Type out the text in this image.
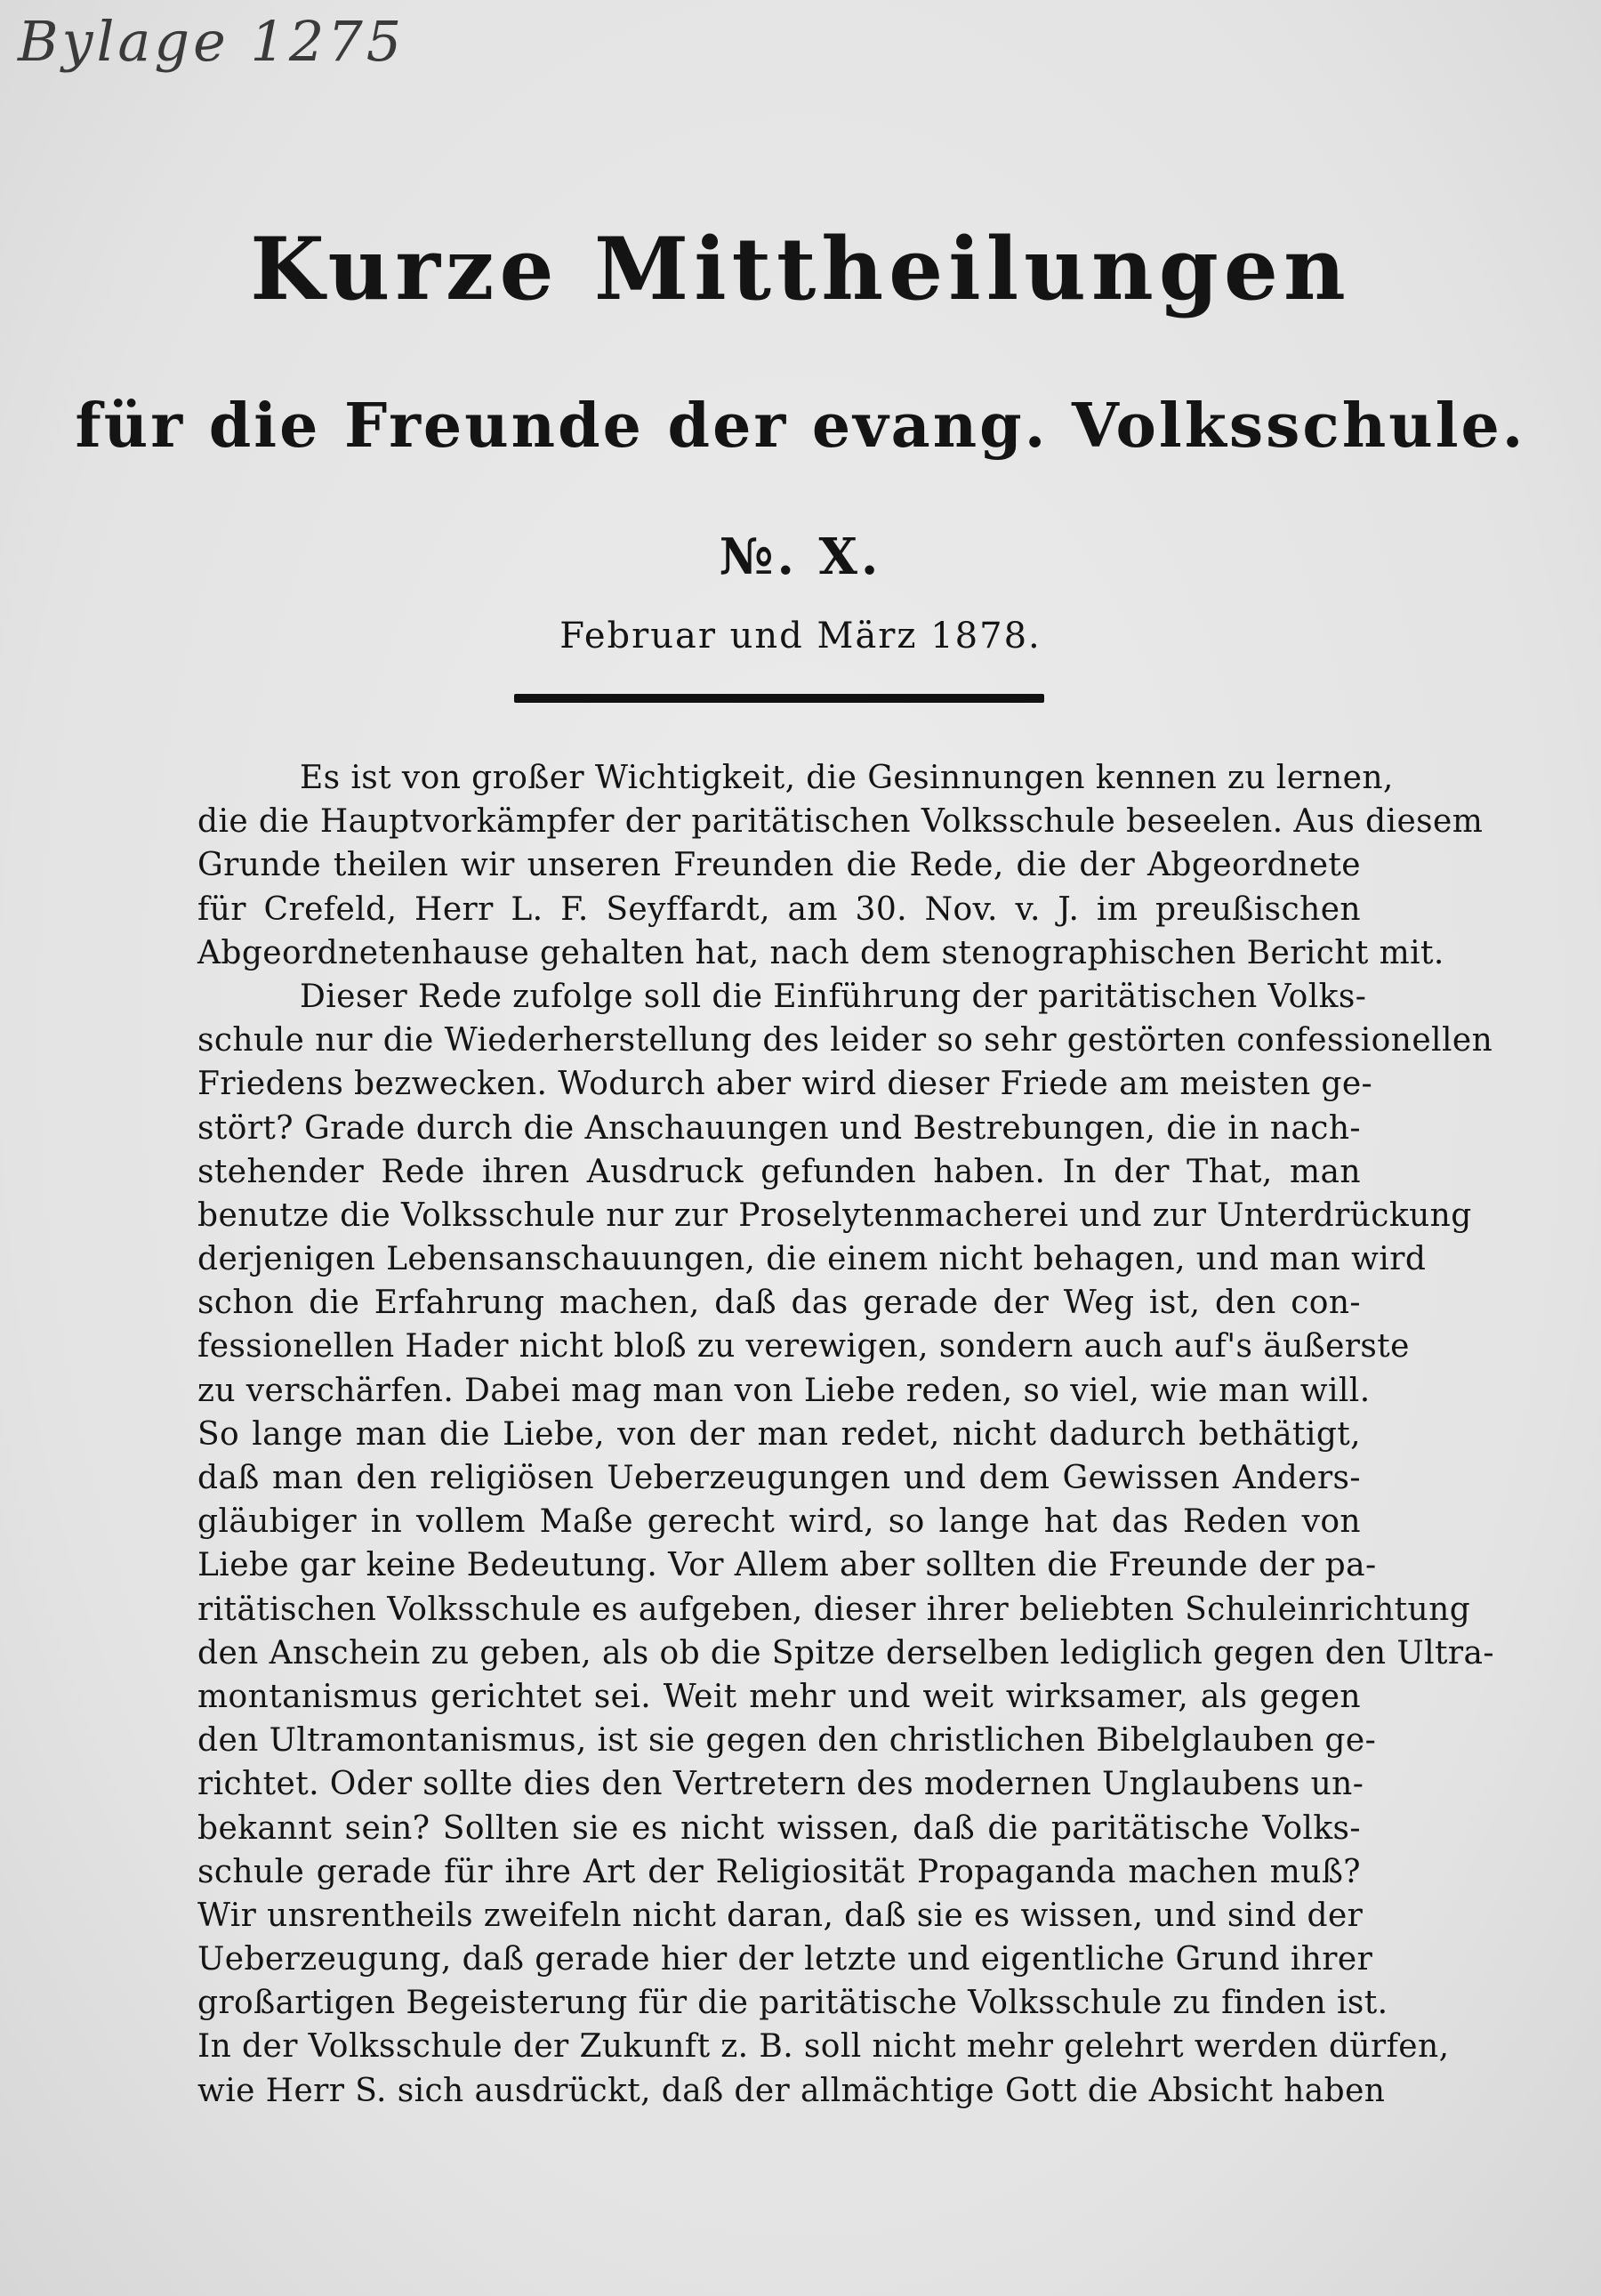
Bylage 1275
Kurze Mittheilungen
für die Freunde der evang. Volksschule.
№. X.
Februar und März 1878.
Es ist von großer Wichtigkeit, die Gesinnungen kennen zu lernen,
die die Hauptvorkämpfer der paritätischen Volksschule beseelen. Aus diesem
Grunde theilen wir unseren Freunden die Rede, die der Abgeordnete
für Crefeld, Herr L. F. Seyffardt, am 30. Nov. v. J. im preußischen
Abgeordnetenhause gehalten hat, nach dem stenographischen Bericht mit.
Dieser Rede zufolge soll die Einführung der paritätischen Volks-
schule nur die Wiederherstellung des leider so sehr gestörten confessionellen
Friedens bezwecken. Wodurch aber wird dieser Friede am meisten ge-
stört? Grade durch die Anschauungen und Bestrebungen, die in nach-
stehender Rede ihren Ausdruck gefunden haben. In der That, man
benutze die Volksschule nur zur Proselytenmacherei und zur Unterdrückung
derjenigen Lebensanschauungen, die einem nicht behagen, und man wird
schon die Erfahrung machen, daß das gerade der Weg ist, den con-
fessionellen Hader nicht bloß zu verewigen, sondern auch auf's äußerste
zu verschärfen. Dabei mag man von Liebe reden, so viel, wie man will.
So lange man die Liebe, von der man redet, nicht dadurch bethätigt,
daß man den religiösen Ueberzeugungen und dem Gewissen Anders-
gläubiger in vollem Maße gerecht wird, so lange hat das Reden von
Liebe gar keine Bedeutung. Vor Allem aber sollten die Freunde der pa-
ritätischen Volksschule es aufgeben, dieser ihrer beliebten Schuleinrichtung
den Anschein zu geben, als ob die Spitze derselben lediglich gegen den Ultra-
montanismus gerichtet sei. Weit mehr und weit wirksamer, als gegen
den Ultramontanismus, ist sie gegen den christlichen Bibelglauben ge-
richtet. Oder sollte dies den Vertretern des modernen Unglaubens un-
bekannt sein? Sollten sie es nicht wissen, daß die paritätische Volks-
schule gerade für ihre Art der Religiosität Propaganda machen muß?
Wir unsrentheils zweifeln nicht daran, daß sie es wissen, und sind der
Ueberzeugung, daß gerade hier der letzte und eigentliche Grund ihrer
großartigen Begeisterung für die paritätische Volksschule zu finden ist.
In der Volksschule der Zukunft z. B. soll nicht mehr gelehrt werden dürfen,
wie Herr S. sich ausdrückt, daß der allmächtige Gott die Absicht haben
